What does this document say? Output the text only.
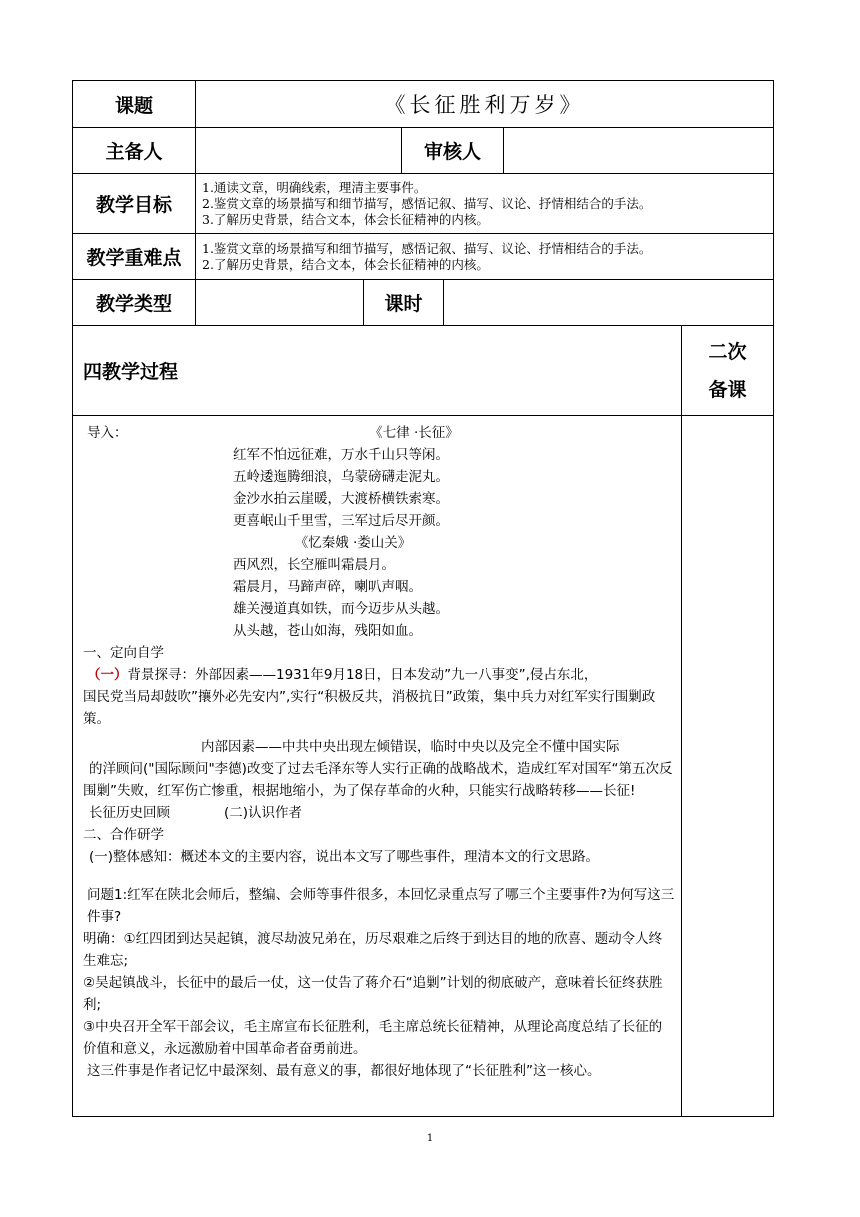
课题	《长征胜利万岁》
主备人	审核人
教学目标
1.通读文章，明确线索，理清主要事件。
2.鉴赏文章的场景描写和细节描写，感悟记叙、描写、议论、抒情相结合的手法。
3.了解历史背景，结合文本，体会长征精神的内核。
教学重难点	1.鉴赏文章的场景描写和细节描写，感悟记叙、描写、议论、抒情相结合的手法。
2.了解历史背景，结合文本，体会长征精神的内核。
教学类型	课时
四教学过程
二次
备课

导入：	《七律 ·长征》

红军不怕远征难，万水千山只等闲。

五岭逶迤腾细浪，乌蒙磅礴走泥丸。

金沙水拍云崖暖，大渡桥横铁索寒。

更喜岷山千里雪，三军过后尽开颜。

《忆秦娥 ·娄山关》

西风烈，长空雁叫霜晨月。

霜晨月，马蹄声碎，喇叭声咽。

雄关漫道真如铁，而今迈步从头越。

从头越，苍山如海，残阳如血。

一、定向自学

（一）背景探寻：外部因素——1931年9月18日，日本发动”九一八事变”,侵占东北，

国民党当局却鼓吹”攘外必先安内”,实行“积极反共，消极抗日”政策，集中兵力对红军实行围剿政策。

内部因素——中共中央出现左倾错误，临时中央以及完全不懂中国实际

的洋顾问("国际顾问"李德)改变了过去毛泽东等人实行正确的战略战术，造成红军对国军“第五次反围剿”失败，红军伤亡惨重，根据地缩小，为了保存革命的火种，只能实行战略转移——长征!

长征历史回顾　　　　(二)认识作者

二、合作研学

(一)整体感知：概述本文的主要内容，说出本文写了哪些事件，理清本文的行文思路。

问题1:红军在陕北会师后，整编、会师等事件很多，本回忆录重点写了哪三个主要事件?为何写这三件事?

明确：①红四团到达吴起镇，渡尽劫波兄弟在，历尽艰难之后终于到达目的地的欣喜、题动令人终生难忘;

②吴起镇战斗，长征中的最后一仗，这一仗告了蒋介石“追剿”计划的彻底破产，意味着长征终获胜利;

③中央召开全军干部会议，毛主席宣布长征胜利，毛主席总统长征精神，从理论高度总结了长征的价值和意义，永远激励着中国革命者奋勇前进。

这三件事是作者记忆中最深刻、最有意义的事，都很好地体现了“长征胜利”这一核心。

1
